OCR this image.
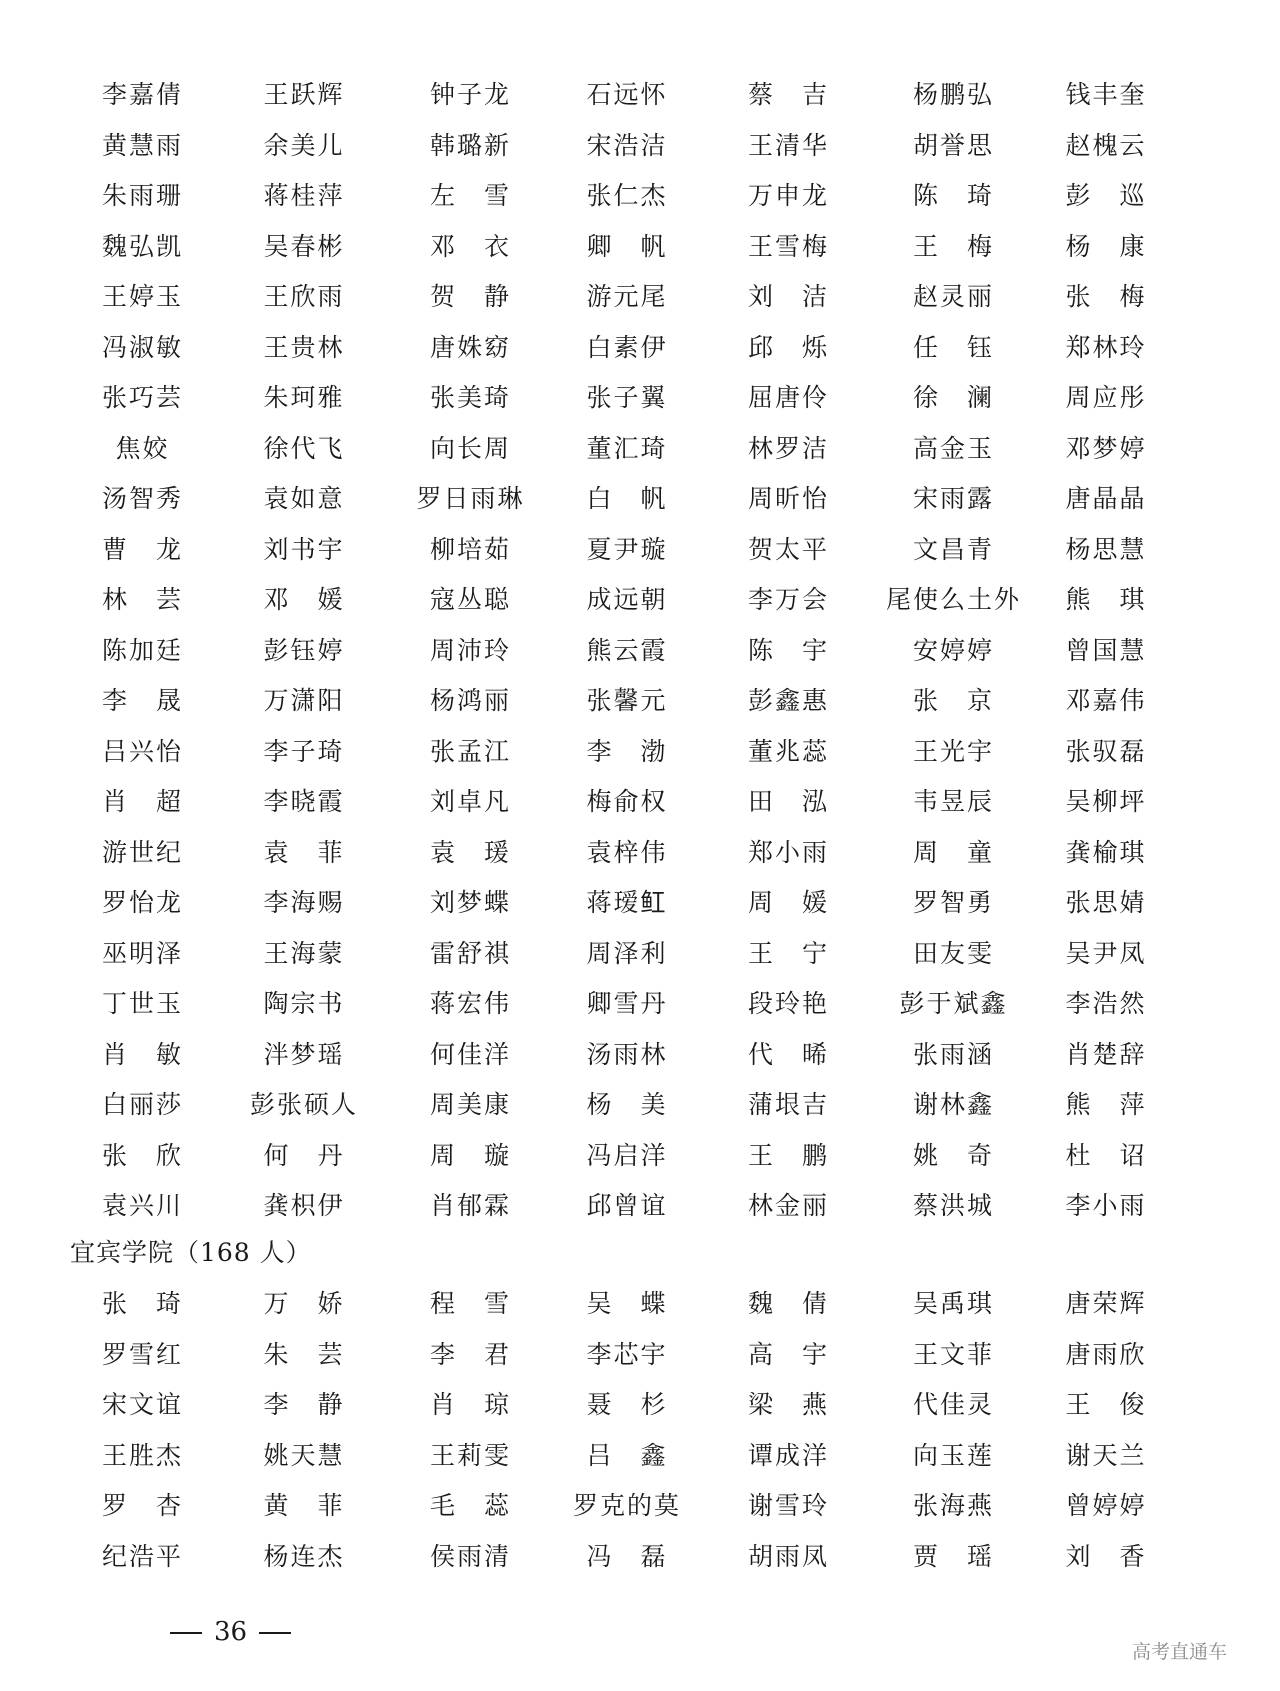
李嘉倩	王跃辉	钟子龙	石远怀	蔡　吉	杨鹏弘	钱丰奎
黄慧雨	余美儿	韩璐新	宋浩洁	王清华	胡誉思	赵槐云
朱雨珊	蒋桂萍	左　雪	张仁杰	万申龙	陈　琦	彭　巡
魏弘凯	吴春彬	邓　衣	卿　帆	王雪梅	王　梅	杨　康
王婷玉	王欣雨	贺　静	游元尾	刘　洁	赵灵丽	张　梅
冯淑敏	王贵林	唐姝窈	白素伊	邱　烁	任　钰	郑林玲
张巧芸	朱珂雅	张美琦	张子翼	屈唐伶	徐　澜	周应彤
焦姣	徐代飞	向长周	董汇琦	林罗洁	高金玉	邓梦婷
汤智秀	袁如意	罗日雨琳	白　帆	周昕怡	宋雨露	唐晶晶
曹　龙	刘书宇	柳培茹	夏尹璇	贺太平	文昌青	杨思慧
林　芸	邓　媛	寇丛聪	成远朝	李万会	尾使么土外	熊　琪
陈加廷	彭钰婷	周沛玲	熊云霞	陈　宇	安婷婷	曾国慧
李　晟	万潇阳	杨鸿丽	张馨元	彭鑫惠	张　京	邓嘉伟
吕兴怡	李子琦	张孟江	李　渤	董兆蕊	王光宇	张驭磊
肖　超	李晓霞	刘卓凡	梅俞权	田　泓	韦昱辰	吴柳坪
游世纪	袁　菲	袁　瑗	袁梓伟	郑小雨	周　童	龚榆琪
罗怡龙	李海赐	刘梦蝶	蒋瑷𫚉	周　媛	罗智勇	张思婧
巫明泽	王海蒙	雷舒祺	周泽利	王　宁	田友雯	吴尹凤
丁世玉	陶宗书	蒋宏伟	卿雪丹	段玲艳	彭于斌鑫	李浩然
肖　敏	泮梦瑶	何佳洋	汤雨林	代　晞	张雨涵	肖楚辞
白丽莎	彭张硕人	周美康	杨　美	蒲垠吉	谢林鑫	熊　萍
张　欣	何　丹	周　璇	冯启洋	王　鹏	姚　奇	杜　诏
袁兴川	龚枳伊	肖郁霖	邱曾谊	林金丽	蔡洪城	李小雨
宜宾学院（168 人）
张　琦	万　娇	程　雪	吴　蝶	魏　倩	吴禹琪	唐荣辉
罗雪红	朱　芸	李　君	李芯宇	高　宇	王文菲	唐雨欣
宋文谊	李　静	肖　琼	聂　杉	梁　燕	代佳灵	王　俊
王胜杰	姚天慧	王莉雯	吕　鑫	谭成洋	向玉莲	谢天兰
罗　杏	黄　菲	毛　蕊	罗克的莫	谢雪玲	张海燕	曾婷婷
纪浩平	杨连杰	侯雨清	冯　磊	胡雨凤	贾　瑶	刘　香
36
高考直通车
